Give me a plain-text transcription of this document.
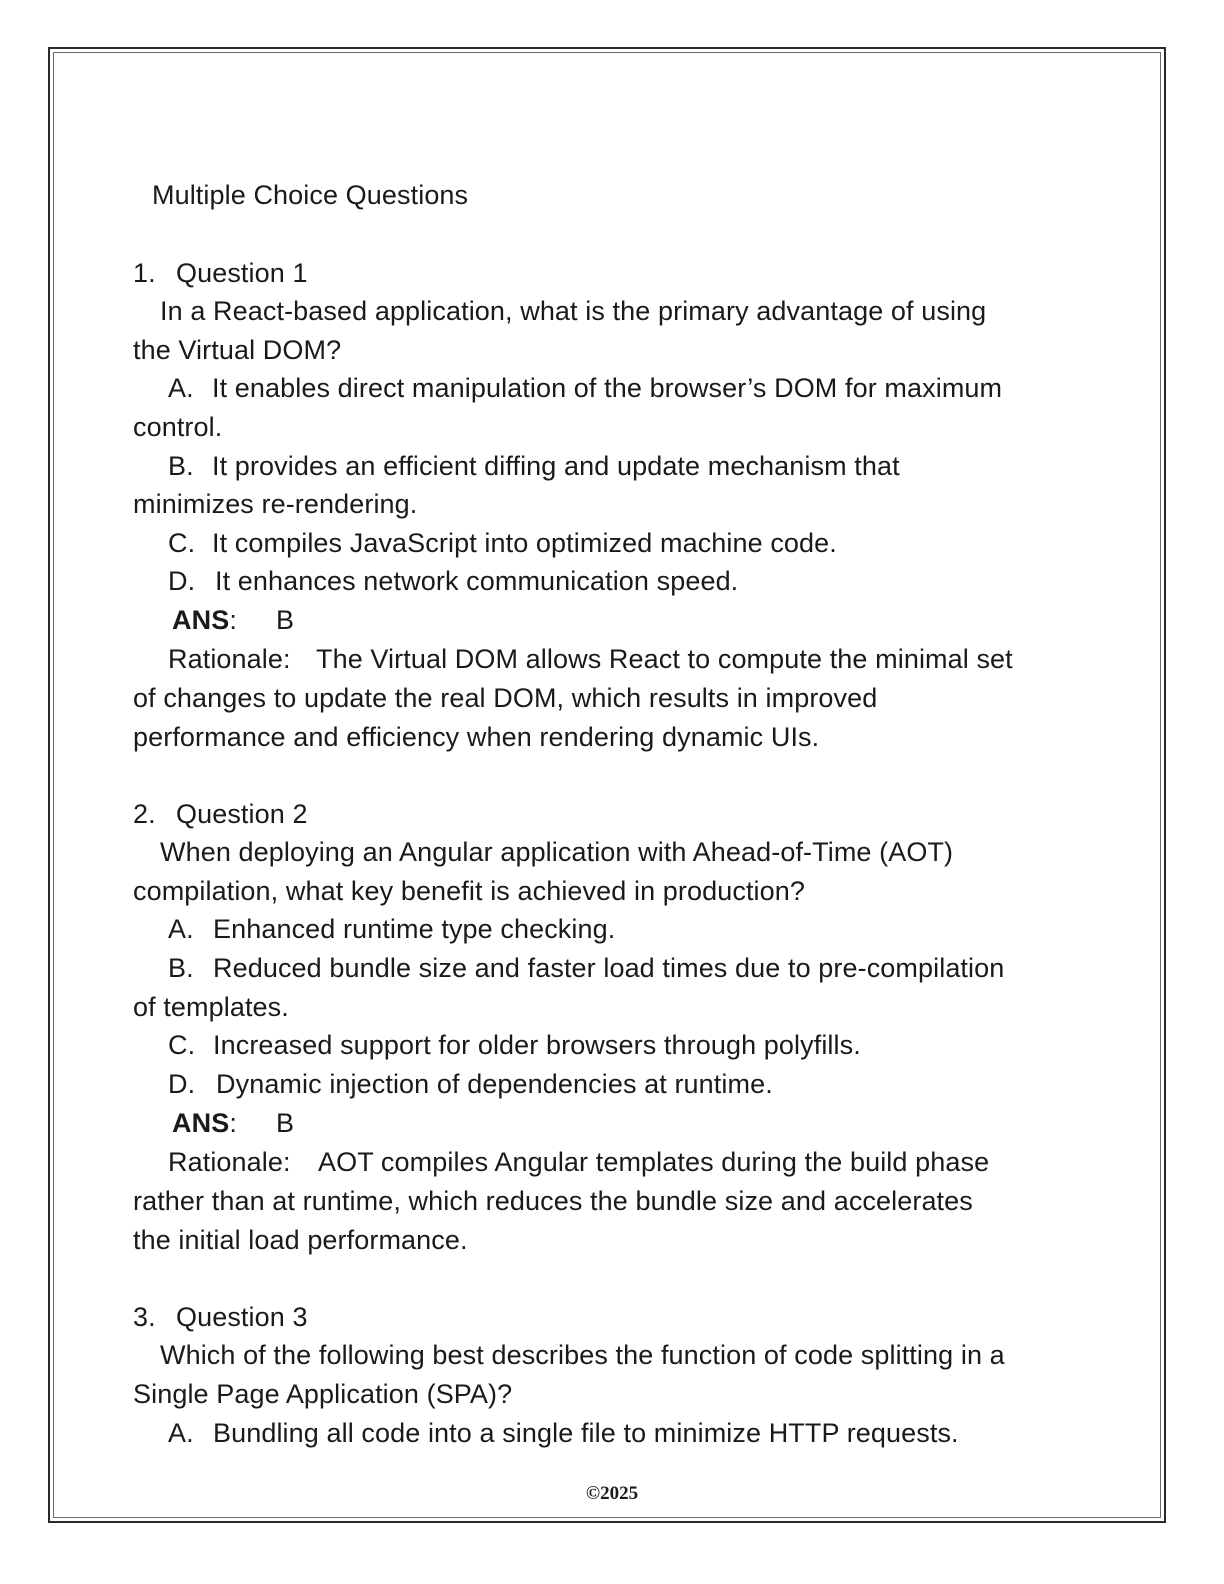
Multiple Choice Questions
1. Question 1
In a React-based application, what is the primary advantage of using
the Virtual DOM?
A. It enables direct manipulation of the browser’s DOM for maximum
control.
B. It provides an efficient diffing and update mechanism that
minimizes re-rendering.
C. It compiles JavaScript into optimized machine code.
D. It enhances network communication speed.
ANS: B
Rationale: The Virtual DOM allows React to compute the minimal set
of changes to update the real DOM, which results in improved
performance and efficiency when rendering dynamic UIs.
2. Question 2
When deploying an Angular application with Ahead-of-Time (AOT)
compilation, what key benefit is achieved in production?
A. Enhanced runtime type checking.
B. Reduced bundle size and faster load times due to pre-compilation
of templates.
C. Increased support for older browsers through polyfills.
D. Dynamic injection of dependencies at runtime.
ANS: B
Rationale: AOT compiles Angular templates during the build phase
rather than at runtime, which reduces the bundle size and accelerates
the initial load performance.
3. Question 3
Which of the following best describes the function of code splitting in a
Single Page Application (SPA)?
A. Bundling all code into a single file to minimize HTTP requests.
©2025
